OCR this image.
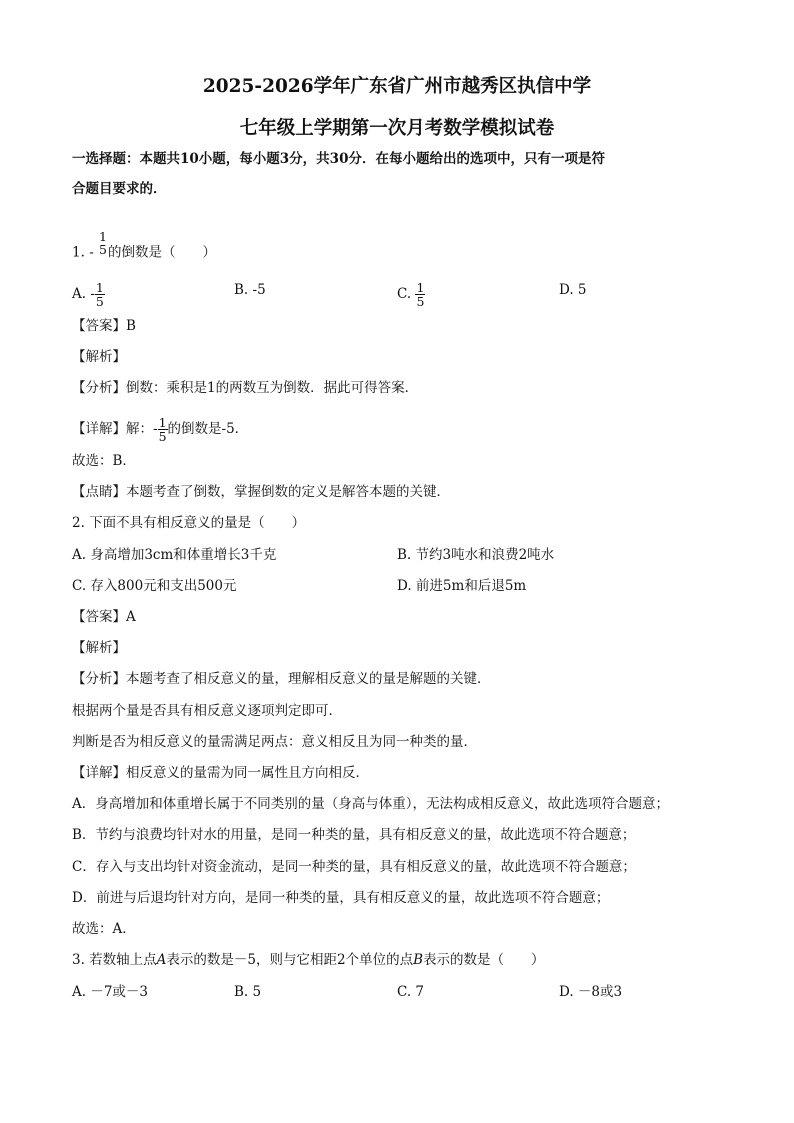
2025-2026学年广东省广州市越秀区执信中学
七年级上学期第一次月考数学模拟试卷
一选择题：本题共10小题，每小题3分，共30分．在每小题给出的选项中，只有一项是符
合题目要求的．
1. -
1
5 的倒数是（　　）
A. - $\frac{1}{5}$	B. -5	C. $\frac{1}{5}$	D. 5
【答案】B
【解析】
【分析】倒数：乘积是1的两数互为倒数．据此可得答案．
【详解】解：- $\frac{1}{5}$ 的倒数是-5．
故选：B．
【点睛】本题考查了倒数，掌握倒数的定义是解答本题的关键．
2. 下面不具有相反意义的量是（　　）
A. 身高增加3cm和体重增长3千克	B. 节约3吨水和浪费2吨水
C. 存入800元和支出500元	D. 前进5m和后退5m
【答案】A
【解析】
【分析】本题考查了相反意义的量，理解相反意义的量是解题的关键．
根据两个量是否具有相反意义逐项判定即可．
判断是否为相反意义的量需满足两点：意义相反且为同一种类的量．
【详解】相反意义的量需为同一属性且方向相反．
A．身高增加和体重增长属于不同类别的量（身高与体重），无法构成相反意义，故此选项符合题意；
B．节约与浪费均针对水的用量，是同一种类的量，具有相反意义的量，故此选项不符合题意；
C．存入与支出均针对资金流动，是同一种类的量，具有相反意义的量，故此选项不符合题意；
D．前进与后退均针对方向，是同一种类的量，具有相反意义的量，故此选项不符合题意；
故选：A．
3. 若数轴上点A表示的数是－5，则与它相距2个单位的点B表示的数是（　　）
A. －7或－3	B. 5	C. 7	D. －8或3
